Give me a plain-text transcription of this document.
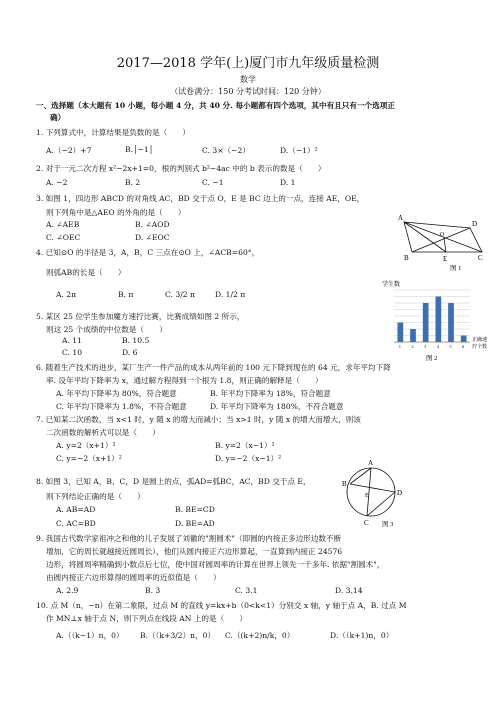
2017—2018 学年(上)厦门市九年级质量检测
数学
（试卷满分：150 分考试时间：120 分钟）
一、选择题（本大题有 10 小题，每小题 4 分，共 40 分. 每小题都有四个选项，其中有且只有一个选项正
确）
1. 下列算式中，计算结果是负数的是（　　）
A.（−2）+7	B.│−1│	C. 3×（−2）	D.（−1）²
2. 对于一元二次方程 x²−2x+1=0，根的判别式 b²−4ac 中的 b 表示的数是（　　）
A. −2	B. 2	C. −1	D. 1
3. 如图 1，四边形 ABCD 的对角线 AC，BD 交于点 O，E 是 BC 边上的一点，连接 AE，OE，
则下列角中是△AEO 的外角的是（　　）
A. ∠AEB	B. ∠AOD
C. ∠OEC	D. ∠EOC
4. 已知⊙O 的半径是 3，A，B，C 三点在⊙O 上，∠ACB=60°，
则弧AB的长是（　　）
A. 2π	B. π	C. 3/2 π	D. 1/2 π
5. 某区 25 位学生参加魔方速拧比赛，比赛成绩如图 2 所示，
则这 25 个成绩的中位数是（　　）
A. 11	B. 10.5
C. 10	D. 6
6. 随着生产技术的进步，某厂生产一件产品的成本从两年前的 100 元下降到现在的 64 元，求年平均下降
率. 设年平均下降率为 x，通过解方程得到一个根为 1.8，则正确的解释是（　　）
A. 年平均下降率为 80%，符合题意	B. 年平均下降率为 18%，符合题意
C. 年平均下降率为 1.8%，不符合题意	D. 年平均下降率为 180%，不符合题意
7. 已知某二次函数，当 x<1 时，y 随 x 的增大而减小；当 x>1 时，y 随 x 的增大而增大，则该
二次函数的解析式可以是（　　）
A. y=2（x+1）²	B. y=2（x−1）²
C. y=−2（x+1）²	D. y=−2（x−1）²
8. 如图 3，已知 A，B，C，D 是圆上的点，弧AD=弧BC，AC，BD 交于点 E，
则下列结论正确的是（　　）
A. AB=AD	B. BE=CD
C. AC=BD	D. BE=AD
9. 我国古代数学家祖冲之和他的儿子发展了刘徽的"割圆术"（即圆的内接正多边形边数不断
增加，它的周长就越接近圆周长），他们从圆内接正六边形算起，一直算到内接正 24576
边形，将圆周率精确到小数点后七位，使中国对圆周率的计算在世界上领先一千多年. 依据"割圆术"，
由圆内接正六边形算得的圆周率的近似值是（　　）
A. 2.9	B. 3	C. 3.1	D. 3.14
10. 点 M（n，−n）在第二象限，过点 M 的直线 y=kx+b（0<k<1）分别交 x 轴，y 轴于点 A，B. 过点 M
作 MN⊥x 轴于点 N，则下列点在线段 AN 上的是（　　）
A.（（k−1）n，0） B.（（k+3/2）n，0） C.（(k+2)n/k，0）	D.（（k+1)n，0）
A
D
O
B	E	C
图 1
学生数
1	2	3	4	5	6
正确速
拧个数
图 2
A
B
E	D
C 图 3
